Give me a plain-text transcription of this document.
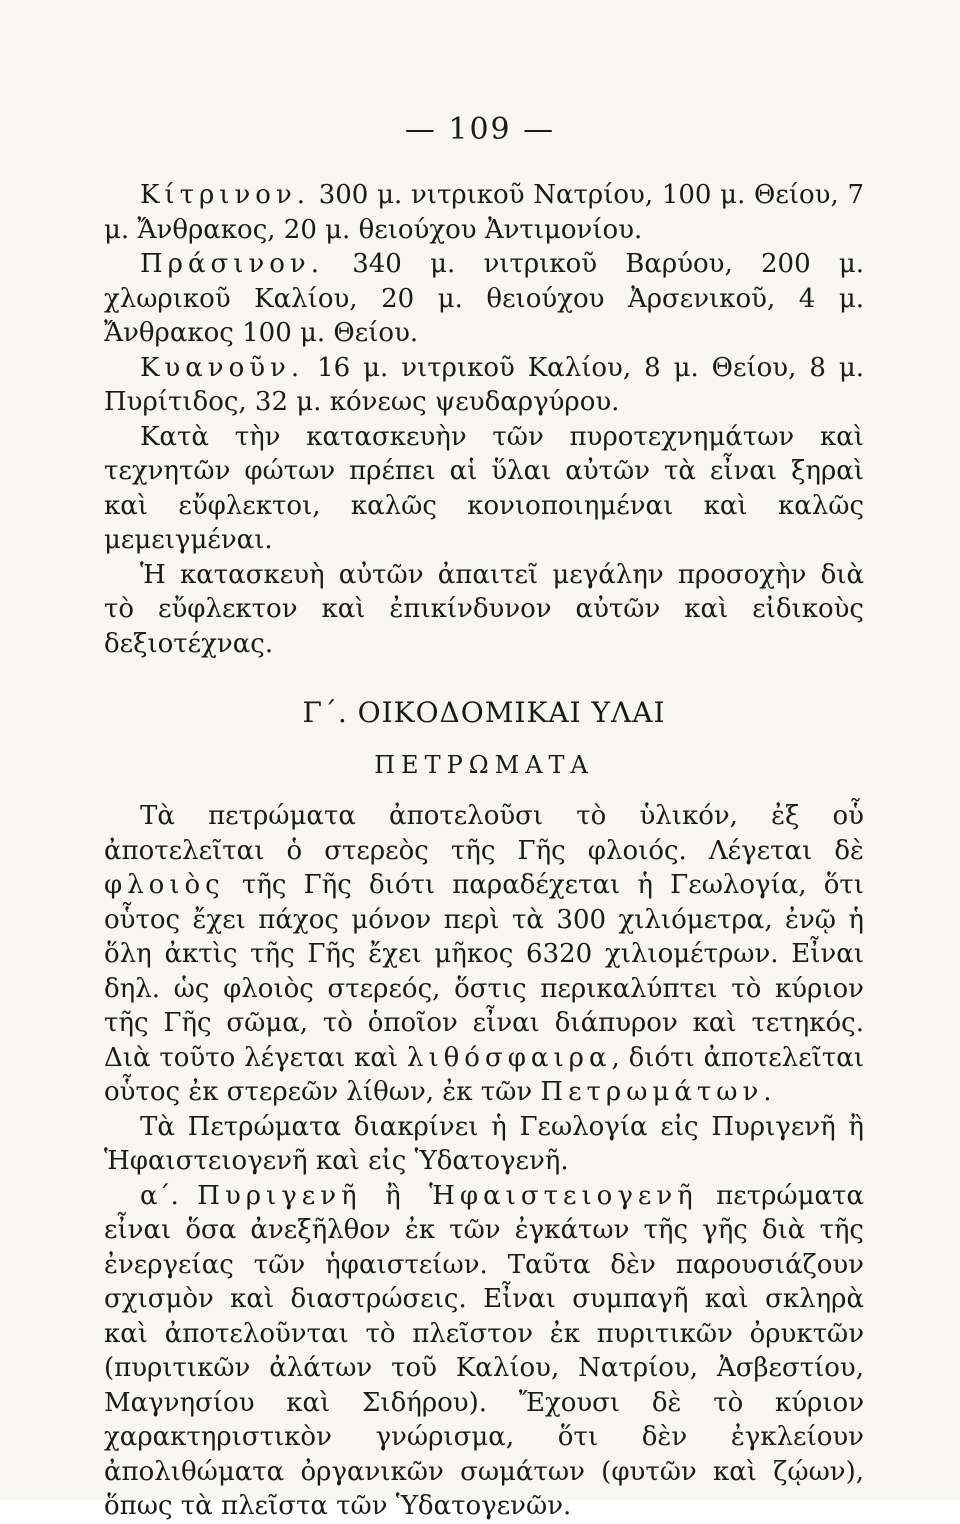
— 109 —

Κίτρινον. 300 μ. νιτρικοῦ Νατρίου, 100 μ. Θείου, 7 μ. Ἄνθρακος, 20 μ. θειούχου Ἀντιμονίου.

Πράσινον. 340 μ. νιτρικοῦ Βαρύου, 200 μ. χλωρικοῦ Καλίου, 20 μ. θειούχου Ἀρσενικοῦ, 4 μ. Ἄνθρακος 100 μ. Θείου.

Κυανοῦν. 16 μ. νιτρικοῦ Καλίου, 8 μ. Θείου, 8 μ. Πυρίτιδος, 32 μ. κόνεως ψευδαργύρου.

Κατὰ τὴν κατασκευὴν τῶν πυροτεχνημάτων καὶ τεχνητῶν φώτων πρέπει αἱ ὕλαι αὐτῶν τὰ εἶναι ξηραὶ καὶ εὔφλεκτοι, καλῶς κονιοποιημέναι καὶ καλῶς μεμειγμέναι.

Ἡ κατασκευὴ αὐτῶν ἀπαιτεῖ μεγάλην προσοχὴν διὰ τὸ εὔφλεκτον καὶ ἐπικίνδυνον αὐτῶν καὶ εἰδικοὺς δεξιοτέχνας.

Γ΄. ΟΙΚΟΔΟΜΙΚΑΙ ΥΛΑΙ
ΠΕΤΡΩΜΑΤΑ

Τὰ πετρώματα ἀποτελοῦσι τὸ ὑλικόν, ἐξ οὗ ἀποτελεῖται ὁ στερεὸς τῆς Γῆς φλοιός. Λέγεται δὲ φλοιὸς τῆς Γῆς διότι παραδέχεται ἡ Γεωλογία, ὅτι οὗτος ἔχει πάχος μόνον περὶ τὰ 300 χιλιόμετρα, ἐνῷ ἡ ὅλη ἀκτὶς τῆς Γῆς ἔχει μῆκος 6320 χιλιομέτρων. Εἶναι δηλ. ὡς φλοιὸς στερεός, ὅστις περικαλύπτει τὸ κύριον τῆς Γῆς σῶμα, τὸ ὁποῖον εἶναι διάπυρον καὶ τετηκός. Διὰ τοῦτο λέγεται καὶ λιθόσφαιρα, διότι ἀποτελεῖται οὗτος ἐκ στερεῶν λίθων, ἐκ τῶν Πετρωμάτων.

Τὰ Πετρώματα διακρίνει ἡ Γεωλογία εἰς Πυριγενῆ ἢ Ἡφαιστειογενῆ καὶ εἰς Ὑδατογενῆ.

α΄. Πυριγενῆ ἢ Ἡφαιστειογενῆ πετρώματα εἶναι ὅσα ἀνεξῆλθον ἐκ τῶν ἐγκάτων τῆς γῆς διὰ τῆς ἐνεργείας τῶν ἡφαιστείων. Ταῦτα δὲν παρουσιάζουν σχισμὸν καὶ διαστρώσεις. Εἶναι συμπαγῆ καὶ σκληρὰ καὶ ἀποτελοῦνται τὸ πλεῖστον ἐκ πυριτικῶν ὀρυκτῶν (πυριτικῶν ἀλάτων τοῦ Καλίου, Νατρίου, Ἀσβεστίου, Μαγνησίου καὶ Σιδήρου). Ἔχουσι δὲ τὸ κύριον χαρακτηριστικὸν γνώρισμα, ὅτι δὲν ἐγκλείουν ἀπολιθώματα ὀργανικῶν σωμάτων (φυτῶν καὶ ζῴων), ὅπως τὰ πλεῖστα τῶν Ὑδατογενῶν.
